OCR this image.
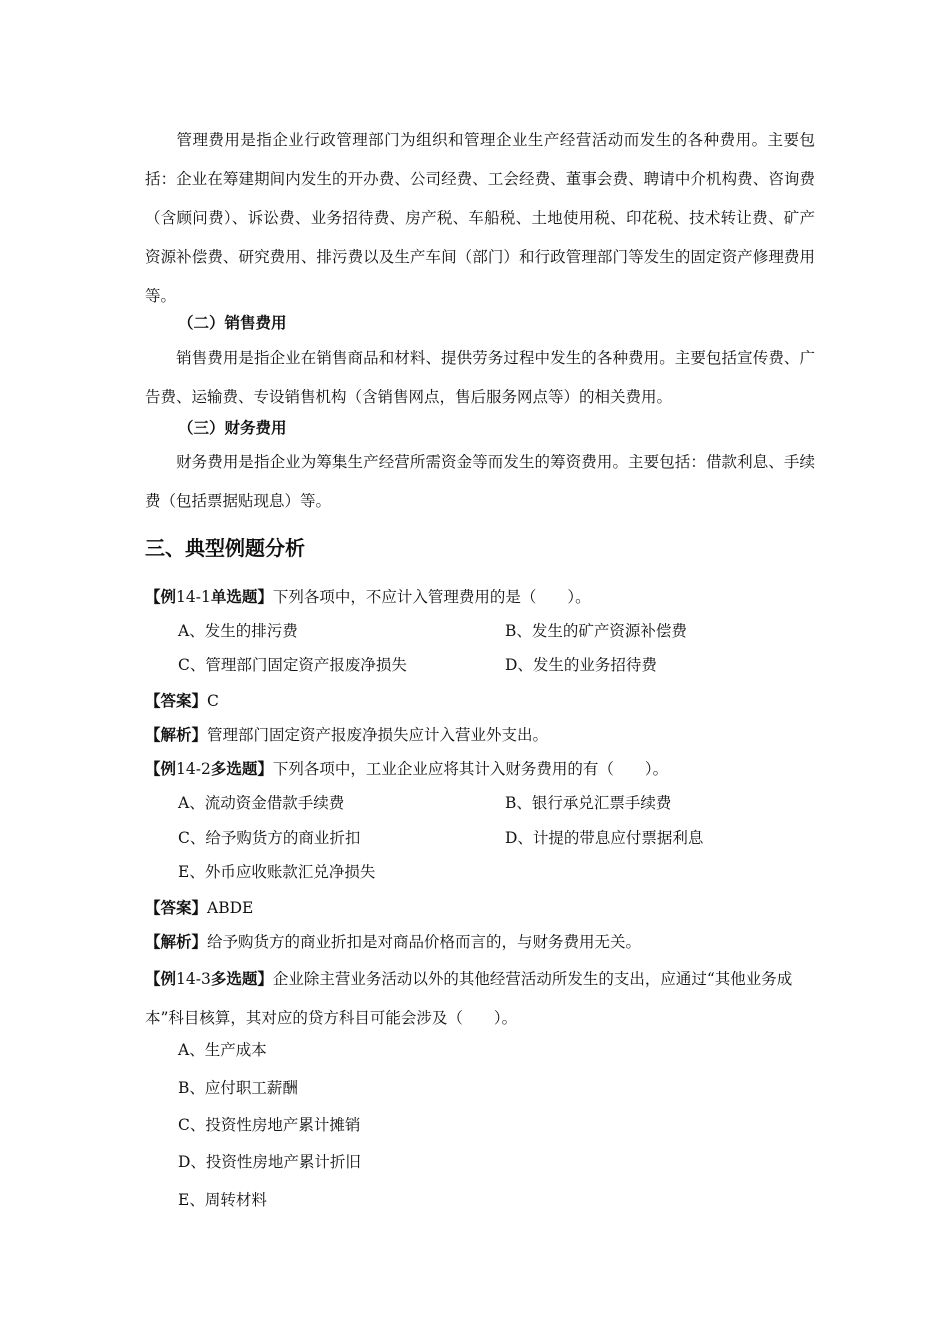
管理费用是指企业行政管理部门为组织和管理企业生产经营活动而发生的各种费用。主要包括：企业在筹建期间内发生的开办费、公司经费、工会经费、董事会费、聘请中介机构费、咨询费（含顾问费）、诉讼费、业务招待费、房产税、车船税、土地使用税、印花税、技术转让费、矿产资源补偿费、研究费用、排污费以及生产车间（部门）和行政管理部门等发生的固定资产修理费用等。

（二）销售费用

销售费用是指企业在销售商品和材料、提供劳务过程中发生的各种费用。主要包括宣传费、广告费、运输费、专设销售机构（含销售网点，售后服务网点等）的相关费用。

（三）财务费用

财务费用是指企业为筹集生产经营所需资金等而发生的筹资费用。主要包括：借款利息、手续费（包括票据贴现息）等。

三、典型例题分析

【例14-1单选题】下列各项中，不应计入管理费用的是（　　）。

A、发生的排污费	B、发生的矿产资源补偿费

C、管理部门固定资产报废净损失	D、发生的业务招待费

【答案】C

【解析】管理部门固定资产报废净损失应计入营业外支出。

【例14-2多选题】下列各项中，工业企业应将其计入财务费用的有（　　）。

A、流动资金借款手续费	B、银行承兑汇票手续费

C、给予购货方的商业折扣	D、计提的带息应付票据利息

E、外币应收账款汇兑净损失

【答案】ABDE

【解析】给予购货方的商业折扣是对商品价格而言的，与财务费用无关。

【例14-3多选题】企业除主营业务活动以外的其他经营活动所发生的支出，应通过“其他业务成本”科目核算，其对应的贷方科目可能会涉及（　　）。

A、生产成本

B、应付职工薪酬

C、投资性房地产累计摊销

D、投资性房地产累计折旧

E、周转材料
